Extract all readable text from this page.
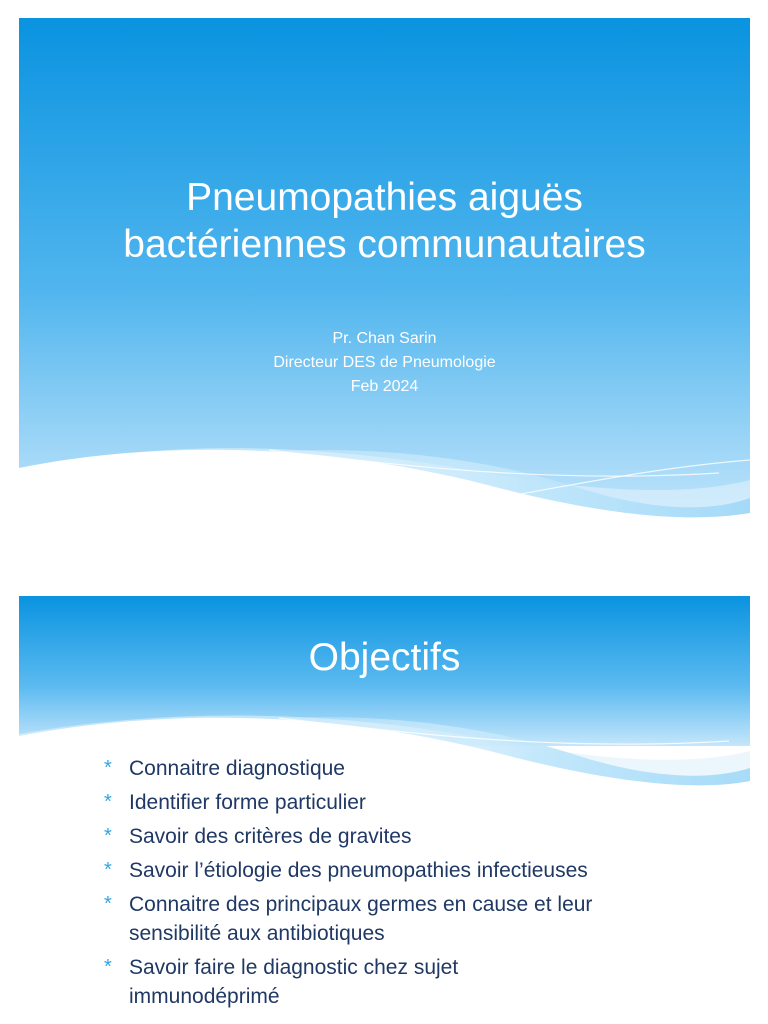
Pneumopathies aiguës
bactériennes communautaires
Pr. Chan Sarin
Directeur DES de Pneumologie
Feb 2024
Objectifs
* Connaitre diagnostique
* Identifier forme particulier
* Savoir des critères de gravites
* Savoir l’étiologie des pneumopathies infectieuses
* Connaitre des principaux germes en cause et leur
sensibilité aux antibiotiques
* Savoir faire le diagnostic chez sujet
immunodéprimé
